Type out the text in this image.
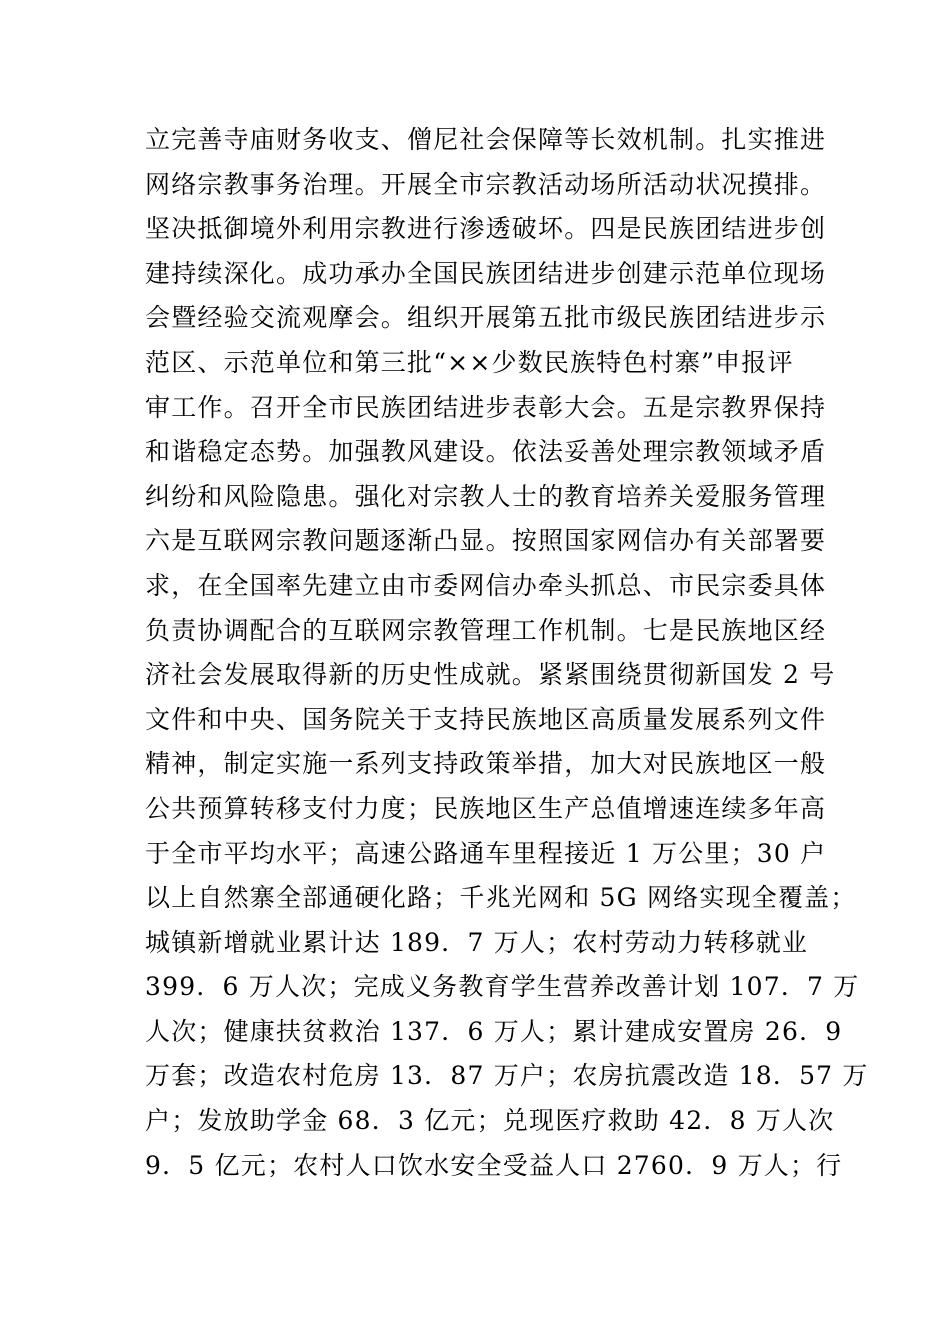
立完善寺庙财务收支、僧尼社会保障等长效机制。扎实推进
网络宗教事务治理。开展全市宗教活动场所活动状况摸排。
坚决抵御境外利用宗教进行渗透破坏。四是民族团结进步创
建持续深化。成功承办全国民族团结进步创建示范单位现场
会暨经验交流观摩会。组织开展第五批市级民族团结进步示
范区、示范单位和第三批“××少数民族特色村寨”申报评
审工作。召开全市民族团结进步表彰大会。五是宗教界保持
和谐稳定态势。加强教风建设。依法妥善处理宗教领域矛盾
纠纷和风险隐患。强化对宗教人士的教育培养关爱服务管理
六是互联网宗教问题逐渐凸显。按照国家网信办有关部署要
求，在全国率先建立由市委网信办牵头抓总、市民宗委具体
负责协调配合的互联网宗教管理工作机制。七是民族地区经
济社会发展取得新的历史性成就。紧紧围绕贯彻新国发 2 号
文件和中央、国务院关于支持民族地区高质量发展系列文件
精神，制定实施一系列支持政策举措，加大对民族地区一般
公共预算转移支付力度；民族地区生产总值增速连续多年高
于全市平均水平；高速公路通车里程接近 1 万公里；30 户
以上自然寨全部通硬化路；千兆光网和 5G 网络实现全覆盖；
城镇新增就业累计达 189．7 万人；农村劳动力转移就业
399．6 万人次；完成义务教育学生营养改善计划 107．7 万
人次；健康扶贫救治 137．6 万人；累计建成安置房 26．9
万套；改造农村危房 13．87 万户；农房抗震改造 18．57 万
户；发放助学金 68．3 亿元；兑现医疗救助 42．8 万人次
9．5 亿元；农村人口饮水安全受益人口 2760．9 万人；行
